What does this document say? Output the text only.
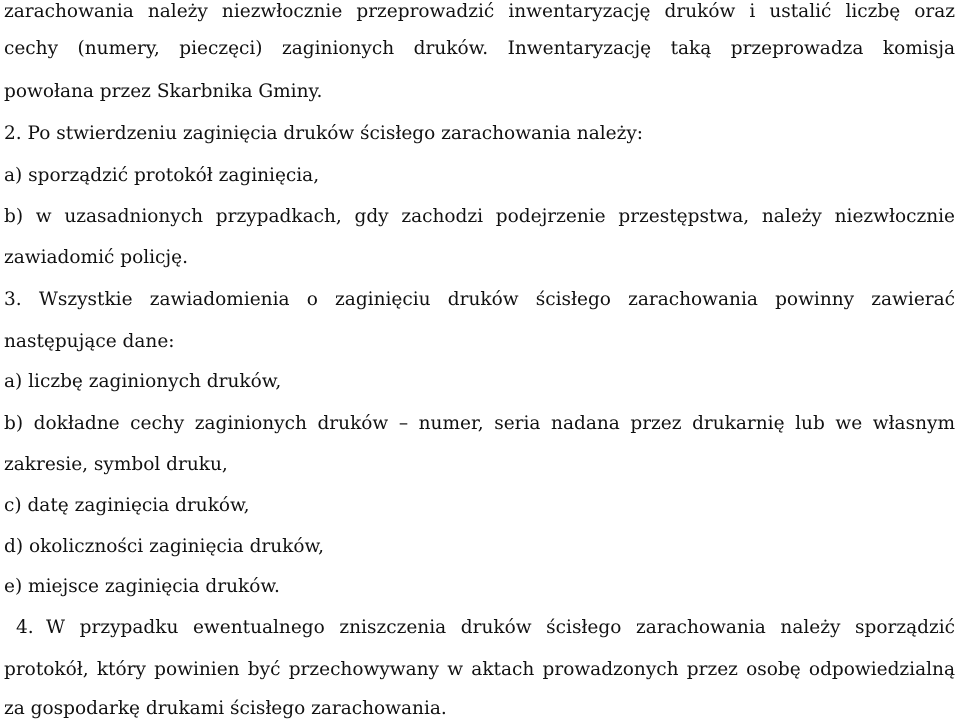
zarachowania należy niezwłocznie przeprowadzić inwentaryzację druków i ustalić liczbę oraz
cechy (numery, pieczęci) zaginionych druków. Inwentaryzację taką przeprowadza komisja
powołana przez Skarbnika Gminy.
2. Po stwierdzeniu zaginięcia druków ścisłego zarachowania należy:
a) sporządzić protokół zaginięcia,
b) w uzasadnionych przypadkach, gdy zachodzi podejrzenie przestępstwa, należy niezwłocznie
zawiadomić policję.
3. Wszystkie zawiadomienia o zaginięciu druków ścisłego zarachowania powinny zawierać
następujące dane:
a) liczbę zaginionych druków,
b) dokładne cechy zaginionych druków – numer, seria nadana przez drukarnię lub we własnym
zakresie, symbol druku,
c) datę zaginięcia druków,
d) okoliczności zaginięcia druków,
e) miejsce zaginięcia druków.
4. W przypadku ewentualnego zniszczenia druków ścisłego zarachowania należy sporządzić
protokół, który powinien być przechowywany w aktach prowadzonych przez osobę odpowiedzialną
za gospodarkę drukami ścisłego zarachowania.
